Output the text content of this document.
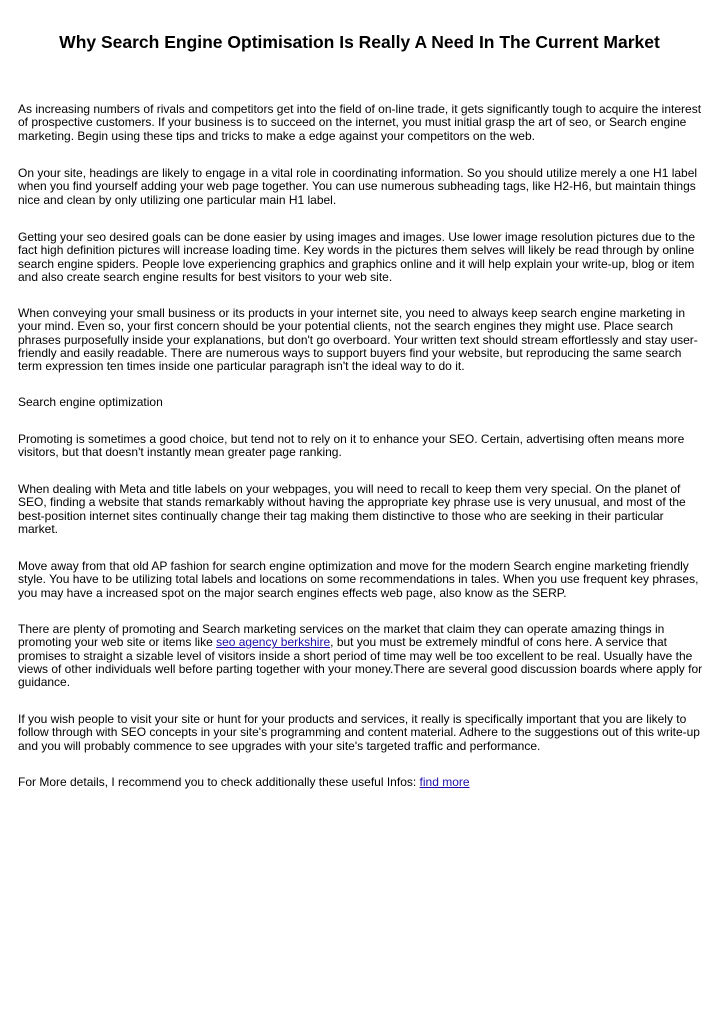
Why Search Engine Optimisation Is Really A Need In The Current Market

As increasing numbers of rivals and competitors get into the field of on-line trade, it gets significantly tough to acquire the interest of prospective customers. If your business is to succeed on the internet, you must initial grasp the art of seo, or Search engine marketing. Begin using these tips and tricks to make a edge against your competitors on the web.

On your site, headings are likely to engage in a vital role in coordinating information. So you should utilize merely a one H1 label when you find yourself adding your web page together. You can use numerous subheading tags, like H2-H6, but maintain things nice and clean by only utilizing one particular main H1 label.

Getting your seo desired goals can be done easier by using images and images. Use lower image resolution pictures due to the fact high definition pictures will increase loading time. Key words in the pictures them selves will likely be read through by online search engine spiders. People love experiencing graphics and graphics online and it will help explain your write-up, blog or item and also create search engine results for best visitors to your web site.

When conveying your small business or its products in your internet site, you need to always keep search engine marketing in your mind. Even so, your first concern should be your potential clients, not the search engines they might use. Place search phrases purposefully inside your explanations, but don't go overboard. Your written text should stream effortlessly and stay user-friendly and easily readable. There are numerous ways to support buyers find your website, but reproducing the same search term expression ten times inside one particular paragraph isn't the ideal way to do it.

Search engine optimization

Promoting is sometimes a good choice, but tend not to rely on it to enhance your SEO. Certain, advertising often means more visitors, but that doesn't instantly mean greater page ranking.

When dealing with Meta and title labels on your webpages, you will need to recall to keep them very special. On the planet of SEO, finding a website that stands remarkably without having the appropriate key phrase use is very unusual, and most of the best-position internet sites continually change their tag making them distinctive to those who are seeking in their particular market.

Move away from that old AP fashion for search engine optimization and move for the modern Search engine marketing friendly style. You have to be utilizing total labels and locations on some recommendations in tales. When you use frequent key phrases, you may have a increased spot on the major search engines effects web page, also know as the SERP.

There are plenty of promoting and Search marketing services on the market that claim they can operate amazing things in promoting your web site or items like seo agency berkshire, but you must be extremely mindful of cons here. A service that promises to straight a sizable level of visitors inside a short period of time may well be too excellent to be real. Usually have the views of other individuals well before parting together with your money.There are several good discussion boards where apply for guidance.

If you wish people to visit your site or hunt for your products and services, it really is specifically important that you are likely to follow through with SEO concepts in your site's programming and content material. Adhere to the suggestions out of this write-up and you will probably commence to see upgrades with your site's targeted traffic and performance.

For More details, I recommend you to check additionally these useful Infos: find more
